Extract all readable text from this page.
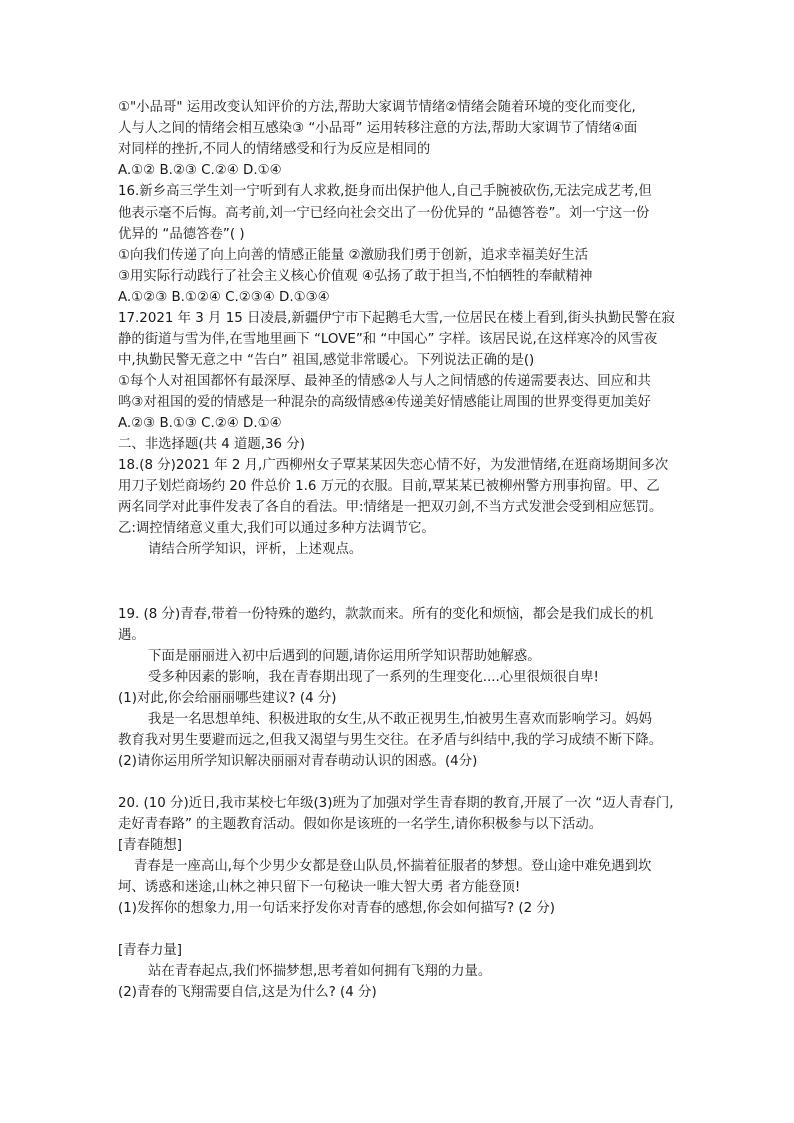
①"小品哥" 运用改变认知评价的方法,帮助大家调节情绪②情绪会随着环境的变化而变化,
人与人之间的情绪会相互感染③ “小品哥” 运用转移注意的方法,帮助大家调节了情绪④面
对同样的挫折,不同人的情绪感受和行为反应是相同的
A.①② B.②③ C.②④ D.①④
16.新乡高三学生刘一宁听到有人求救,挺身而出保护他人,自己手腕被砍伤,无法完成艺考,但
他表示毫不后悔。高考前,刘一宁已经向社会交出了一份优异的 “品德答卷”。刘一宁这一份
优异的 “品德答卷”( )
①向我们传递了向上向善的情感正能量 ②激励我们勇于创新，追求幸福美好生活
③用实际行动践行了社会主义核心价值观 ④弘扬了敢于担当,不怕牺牲的奉献精神
A.①②③ B.①②④ C.②③④ D.①③④
17.2021 年 3 月 15 日凌晨,新疆伊宁市下起鹅毛大雪,一位居民在楼上看到,街头执勤民警在寂
静的街道与雪为伴,在雪地里画下 “LOVE”和 “中国心” 字样。该居民说,在这样寒冷的风雪夜
中,执勤民警无意之中 “告白” 祖国,感觉非常暖心。下列说法正确的是()
①每个人对祖国都怀有最深厚、最神圣的情感②人与人之间情感的传递需要表达、回应和共
鸣③对祖国的爱的情感是一种混杂的高级情感④传递美好情感能让周围的世界变得更加美好
A.②③ B.①③ C.②④ D.①④
二、非选择题(共 4 道题,36 分)
18.(8 分)2021 年 2 月,广西柳州女子覃某某因失恋心情不好，为发泄情绪,在逛商场期间多次
用刀子划烂商场约 20 件总价 1.6 万元的衣服。目前,覃某某已被柳州警方刑事拘留。甲、乙
两名同学对此事件发表了各自的看法。甲:情绪是一把双刃剑,不当方式发泄会受到相应惩罚。
乙:调控情绪意义重大,我们可以通过多种方法调节它。
请结合所学知识，评析，上述观点。
19. (8 分)青春,带着一份特殊的邀约，款款而来。所有的变化和烦恼，都会是我们成长的机
遇。
下面是丽丽进入初中后遇到的问题,请你运用所学知识帮助她解惑。
受多种因素的影响，我在青春期出现了一系列的生理变化....心里很烦很自卑!
(1)对此,你会给丽丽哪些建议? (4 分)
我是一名思想单纯、积极进取的女生,从不敢正视男生,怕被男生喜欢而影响学习。妈妈
教育我对男生要避而远之,但我又渴望与男生交往。在矛盾与纠结中,我的学习成绩不断下降。
(2)请你运用所学知识解决丽丽对青春萌动认识的困惑。(4分)
20. (10 分)近日,我市某校七年级(3)班为了加强对学生青春期的教育,开展了一次 “迈人青春门,
走好青春路” 的主题教育活动。假如你是该班的一名学生,请你积极参与以下活动。
[青春随想]
青春是一座高山,每个少男少女都是登山队员,怀揣着征服者的梦想。登山途中难免遇到坎
坷、诱惑和迷途,山林之神只留下一句秘诀一唯大智大勇 者方能登顶!
(1)发挥你的想象力,用一句话来抒发你对青春的感想,你会如何描写? (2 分)
[青春力量]
站在青春起点,我们怀揣梦想,思考着如何拥有飞翔的力量。
(2)青春的飞翔需要自信,这是为什么? (4 分)
